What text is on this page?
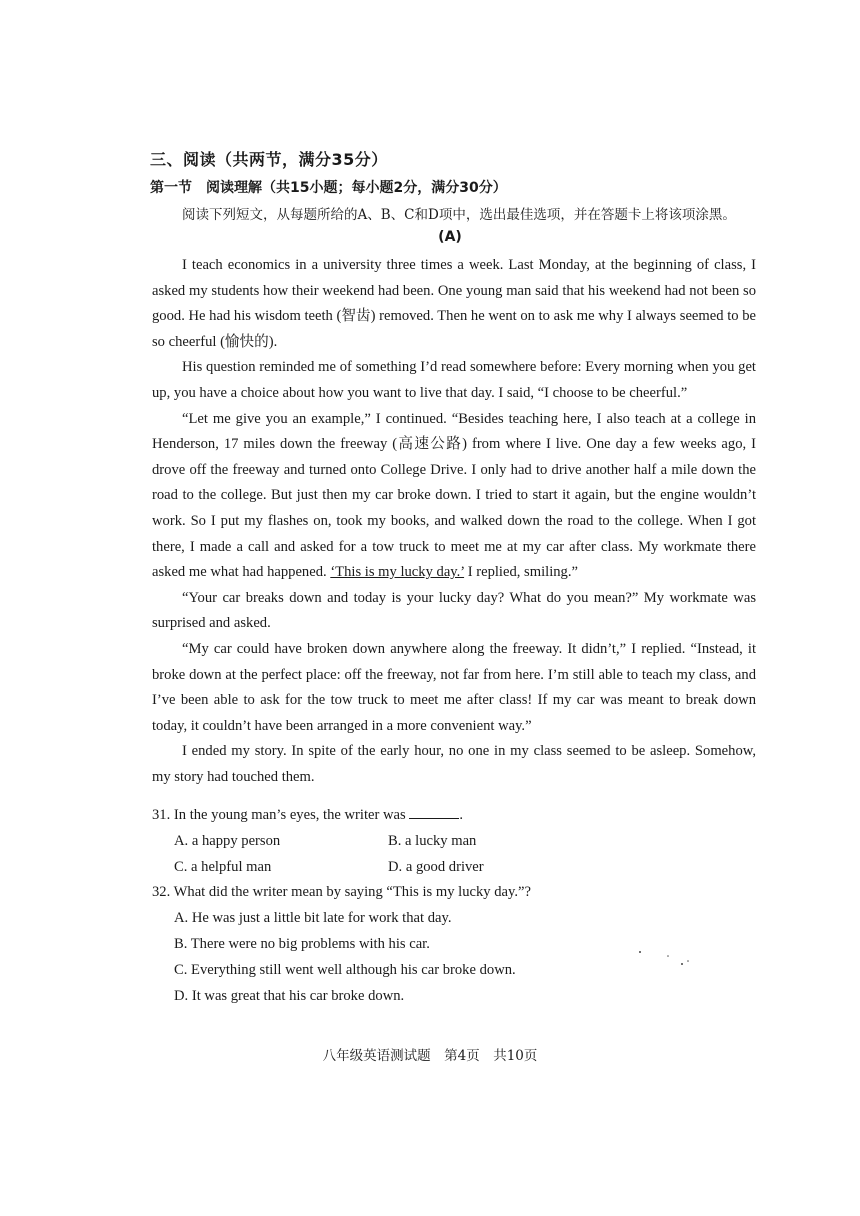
三、阅读（共两节，满分35分）
第一节　阅读理解（共15小题；每小题2分，满分30分）
阅读下列短文，从每题所给的A、B、C和D项中，选出最佳选项，并在答题卡上将该项涂黑。
(A)

I teach economics in a university three times a week. Last Monday, at the beginning of class, I asked my students how their weekend had been. One young man said that his weekend had not been so good. He had his wisdom teeth (智齿) removed. Then he went on to ask me why I always seemed to be so cheerful (愉快的).

His question reminded me of something I’d read somewhere before: Every morning when you get up, you have a choice about how you want to live that day. I said, “I choose to be cheerful.”

“Let me give you an example,” I continued. “Besides teaching here, I also teach at a college in Henderson, 17 miles down the freeway (高速公路) from where I live. One day a few weeks ago, I drove off the freeway and turned onto College Drive. I only had to drive another half a mile down the road to the college. But just then my car broke down. I tried to start it again, but the engine wouldn’t work. So I put my flashes on, took my books, and walked down the road to the college. When I got there, I made a call and asked for a tow truck to meet me at my car after class. My workmate there asked me what had happened. ‘This is my lucky day.’ I replied, smiling.”

“Your car breaks down and today is your lucky day? What do you mean?” My workmate was surprised and asked.

“My car could have broken down anywhere along the freeway. It didn’t,” I replied. “Instead, it broke down at the perfect place: off the freeway, not far from here. I’m still able to teach my class, and I’ve been able to ask for the tow truck to meet me after class! If my car was meant to break down today, it couldn’t have been arranged in a more convenient way.”

I ended my story. In spite of the early hour, no one in my class seemed to be asleep. Somehow, my story had touched them.

31. In the young man’s eyes, the writer was	.
A. a happy person	B. a lucky man
C. a helpful man	D. a good driver
32. What did the writer mean by saying “This is my lucky day.”?
A. He was just a little bit late for work that day.
B. There were no big problems with his car.
C. Everything still went well although his car broke down.
D. It was great that his car broke down.
八年级英语测试题　第4页　共10页
